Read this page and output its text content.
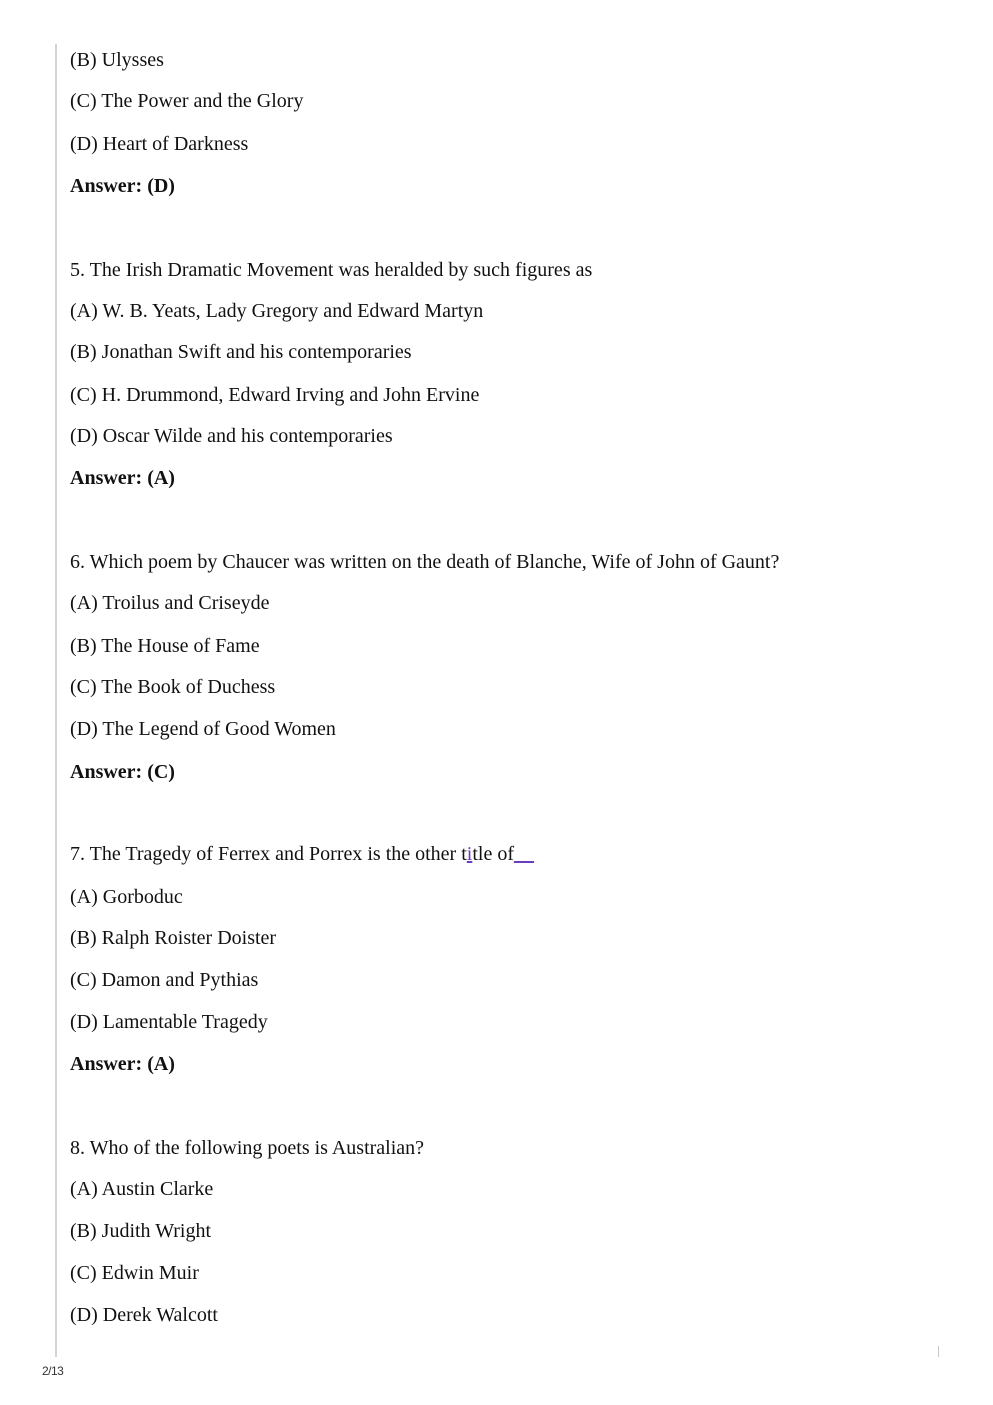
(B) Ulysses
(C) The Power and the Glory
(D) Heart of Darkness
Answer: (D)
5. The Irish Dramatic Movement was heralded by such figures as
(A) W. B. Yeats, Lady Gregory and Edward Martyn
(B) Jonathan Swift and his contemporaries
(C) H. Drummond, Edward Irving and John Ervine
(D) Oscar Wilde and his contemporaries
Answer: (A)
6. Which poem by Chaucer was written on the death of Blanche, Wife of John of Gaunt?
(A) Troilus and Criseyde
(B) The House of Fame
(C) The Book of Duchess
(D) The Legend of Good Women
Answer: (C)
7. The Tragedy of Ferrex and Porrex is the other title of__
(A) Gorboduc
(B) Ralph Roister Doister
(C) Damon and Pythias
(D) Lamentable Tragedy
Answer: (A)
8. Who of the following poets is Australian?
(A) Austin Clarke
(B) Judith Wright
(C) Edwin Muir
(D) Derek Walcott
2/13
